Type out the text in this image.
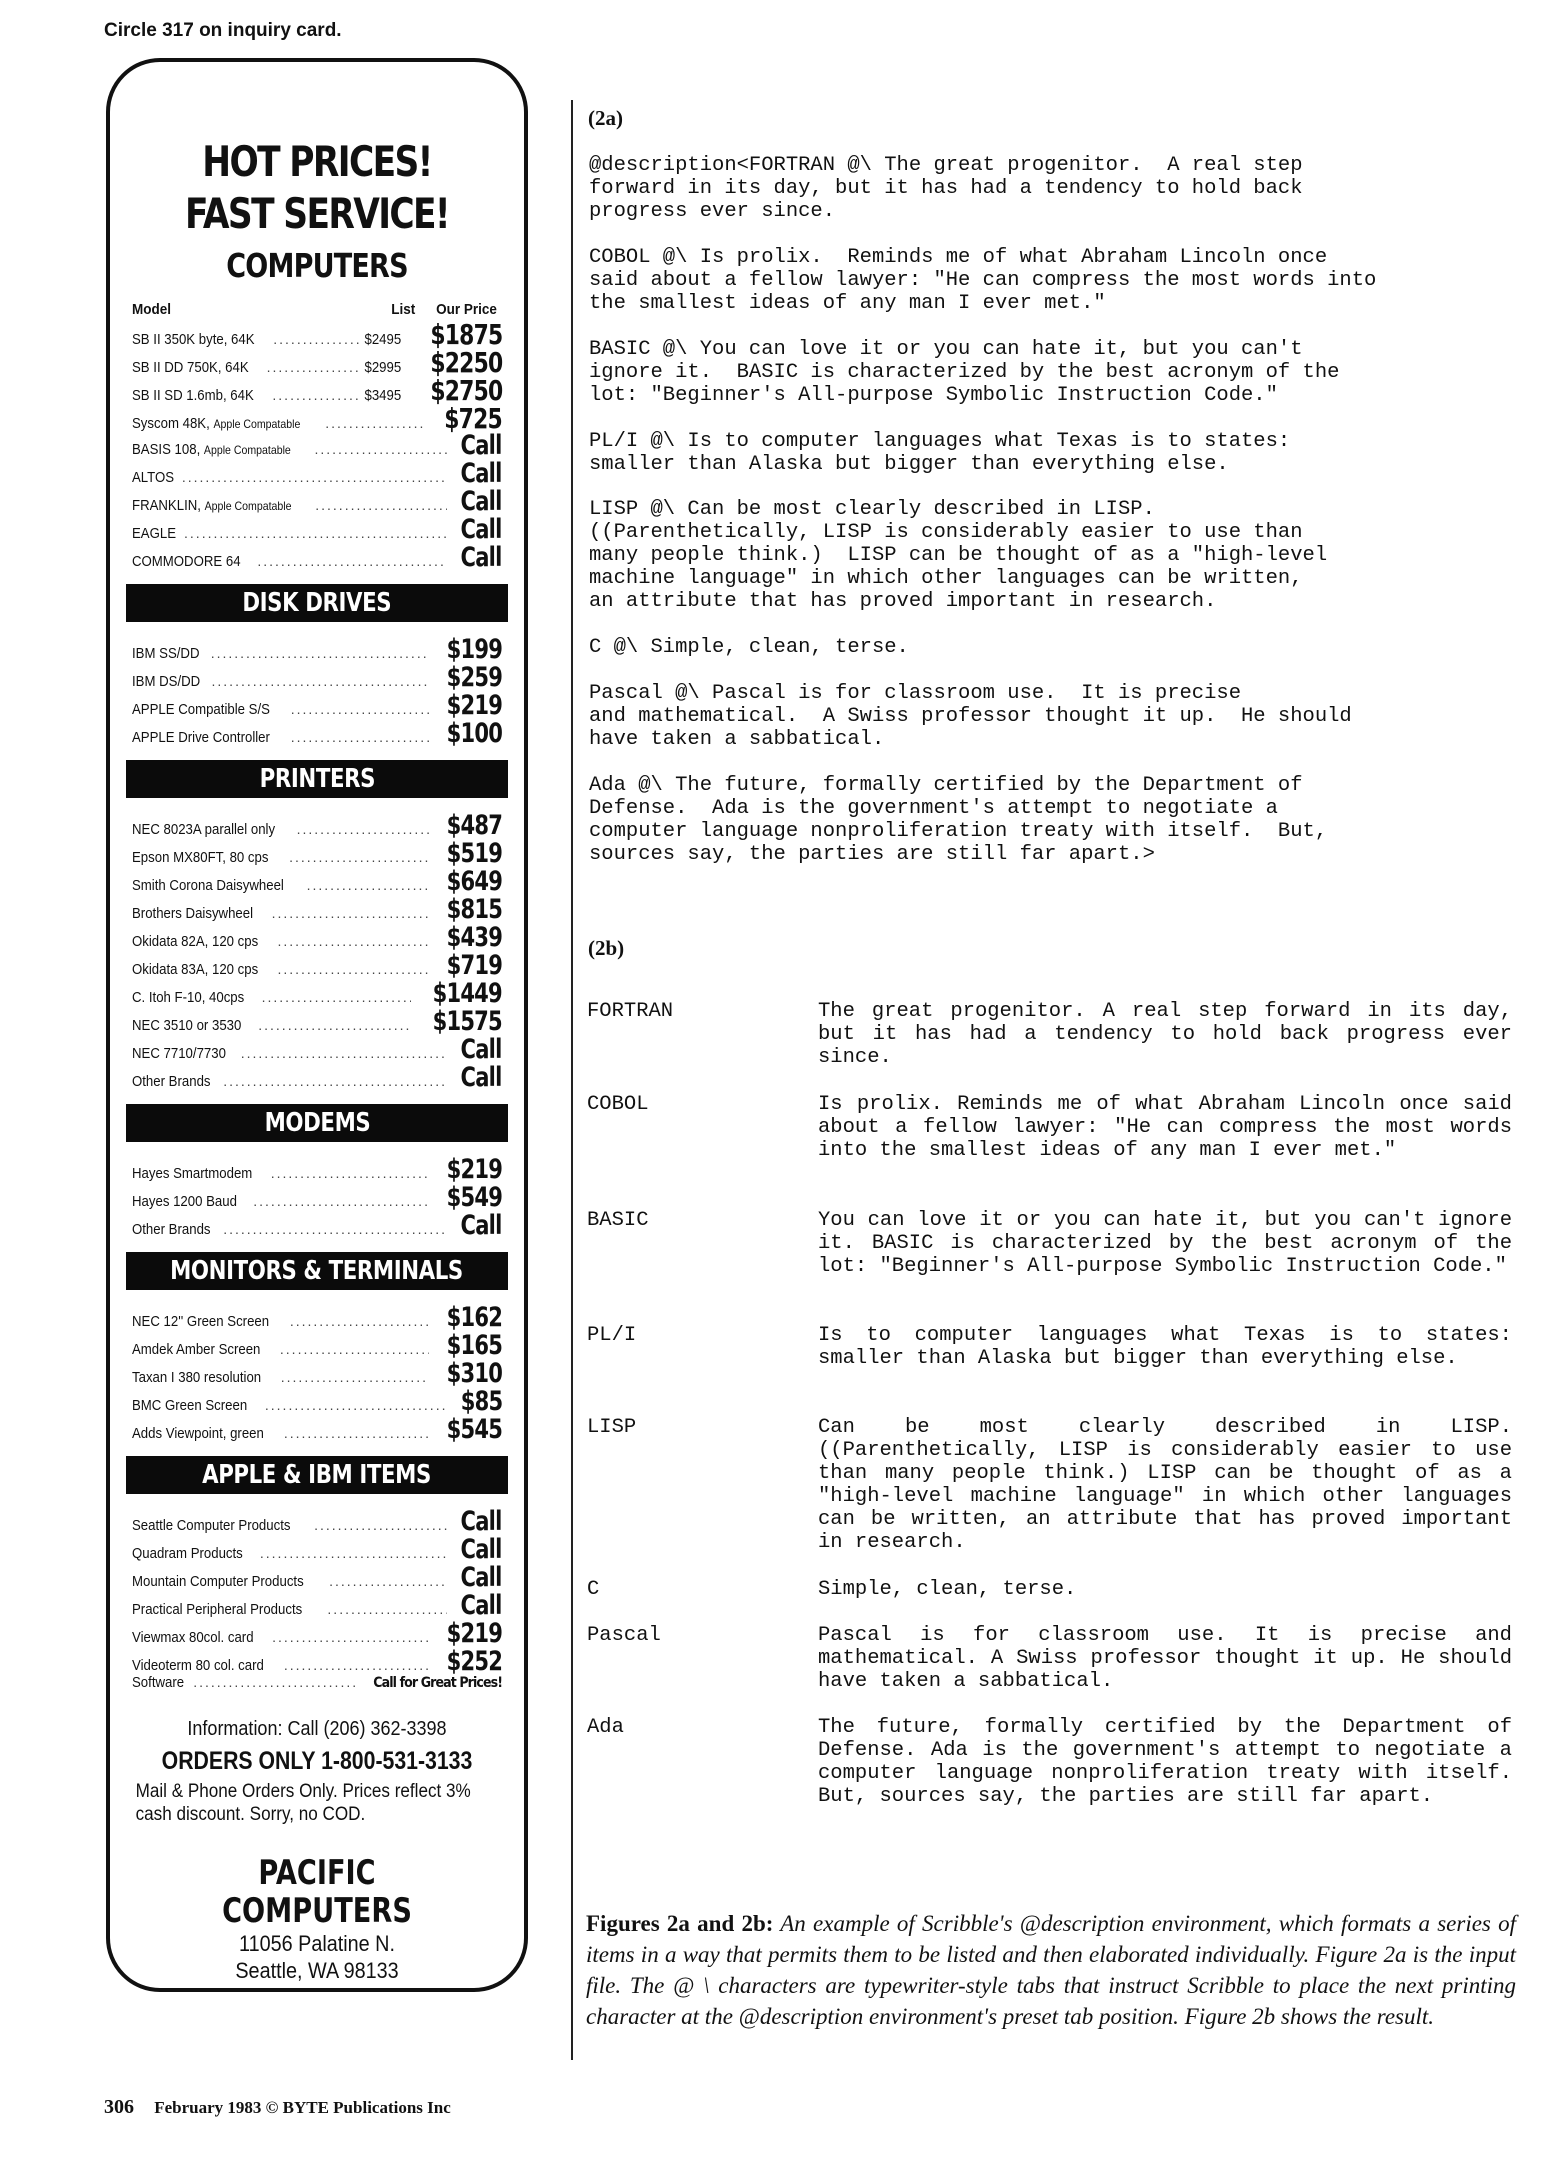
Circle 317 on inquiry card.
HOT PRICES!
FAST SERVICE!
COMPUTERS
Model	List	Our Price
SB II 350K byte, 64K .....	$2495 $1875
SB II DD 750K, 64K .....	$2995 $2250
SB II SD 1.6mb, 64K .....	$3495 $2750
Syscom 48K, Apple Compatable .....	$725
BASIS 108, Apple Compatable .....	Call
ALTOS .....	Call
FRANKLIN, Apple Compatable .....	Call
EAGLE .....	Call
COMMODORE 64 .....	Call
DISK DRIVES
IBM SS/DD .....	$199
IBM DS/DD .....	$259
APPLE Compatible S/S .....	$219
APPLE Drive Controller .....	$100
PRINTERS
NEC 8023A parallel only .....	$487
Epson MX80FT, 80 cps .....	$519
Smith Corona Daisywheel .....	$649
Brothers Daisywheel .....	$815
Okidata 82A, 120 cps .....	$439
Okidata 83A, 120 cps .....	$719
C. Itoh F-10, 40cps .....	$1449
NEC 3510 or 3530 .....	$1575
NEC 7710/7730 .....	Call
Other Brands .....	Call
MODEMS
Hayes Smartmodem .....	$219
Hayes 1200 Baud .....	$549
Other Brands .....	Call
MONITORS & TERMINALS
NEC 12'' Green Screen .....	$162
Amdek Amber Screen .....	$165
Taxan I 380 resolution .....	$310
BMC Green Screen .....	$85
Adds Viewpoint, green .....	$545
APPLE & IBM ITEMS
Seattle Computer Products .....	Call
Quadram Products .....	Call
Mountain Computer Products .....	Call
Practical Peripheral Products .....	Call
Viewmax 80col. card .....	$219
Videoterm 80 col. card .....	$252
Software .....	Call for Great Prices!
Information: Call (206) 362-3398
ORDERS ONLY 1-800-531-3133
Mail & Phone Orders Only. Prices reflect 3% cash discount. Sorry, no COD.
PACIFIC
COMPUTERS
11056 Palatine N.
Seattle, WA 98133
(2a)
@description<FORTRAN @\ The great progenitor.  A real step
forward in its day, but it has had a tendency to hold back
progress ever since.
COBOL @\ Is prolix.  Reminds me of what Abraham Lincoln once
said about a fellow lawyer: "He can compress the most words into
the smallest ideas of any man I ever met."
BASIC @\ You can love it or you can hate it, but you can't
ignore it.  BASIC is characterized by the best acronym of the
lot: "Beginner's All-purpose Symbolic Instruction Code."
PL/I @\ Is to computer languages what Texas is to states:
smaller than Alaska but bigger than everything else.
LISP @\ Can be most clearly described in LISP.
((Parenthetically, LISP is considerably easier to use than
many people think.)  LISP can be thought of as a "high-level
machine language" in which other languages can be written,
an attribute that has proved important in research.
C @\ Simple, clean, terse.
Pascal @\ Pascal is for classroom use.  It is precise
and mathematical.  A Swiss professor thought it up.  He should
have taken a sabbatical.
Ada @\ The future, formally certified by the Department of
Defense.  Ada is the government's attempt to negotiate a
computer language nonproliferation treaty with itself.  But,
sources say, the parties are still far apart.>
(2b)
FORTRAN	The great progenitor. A real step forward in its day, but it has had a tendency to hold back progress ever since.
COBOL	Is prolix. Reminds me of what Abraham Lincoln once said about a fellow lawyer: "He can compress the most words into the smallest ideas of any man I ever met."
BASIC	You can love it or you can hate it, but you can't ignore it. BASIC is characterized by the best acronym of the lot: "Beginner's All-purpose Symbolic Instruction Code."
PL/I	Is to computer languages what Texas is to states: smaller than Alaska but bigger than everything else.
LISP	Can be most clearly described in LISP. ((Parenthetically, LISP is considerably easier to use than many people think.) LISP can be thought of as a "high-level machine language" in which other languages can be written, an attribute that has proved important in research.
C	Simple, clean, terse.
Pascal	Pascal is for classroom use. It is precise and mathematical. A Swiss professor thought it up. He should have taken a sabbatical.
Ada	The future, formally certified by the Department of Defense. Ada is the government's attempt to negotiate a computer language nonproliferation treaty with itself. But, sources say, the parties are still far apart.
Figures 2a and 2b: An example of Scribble's @description environment, which formats a series of items in a way that permits them to be listed and then elaborated individually. Figure 2a is the input file. The @ \ characters are typewriter-style tabs that instruct Scribble to place the next printing character at the @description environment's preset tab position. Figure 2b shows the result.
306 February 1983 © BYTE Publications Inc
